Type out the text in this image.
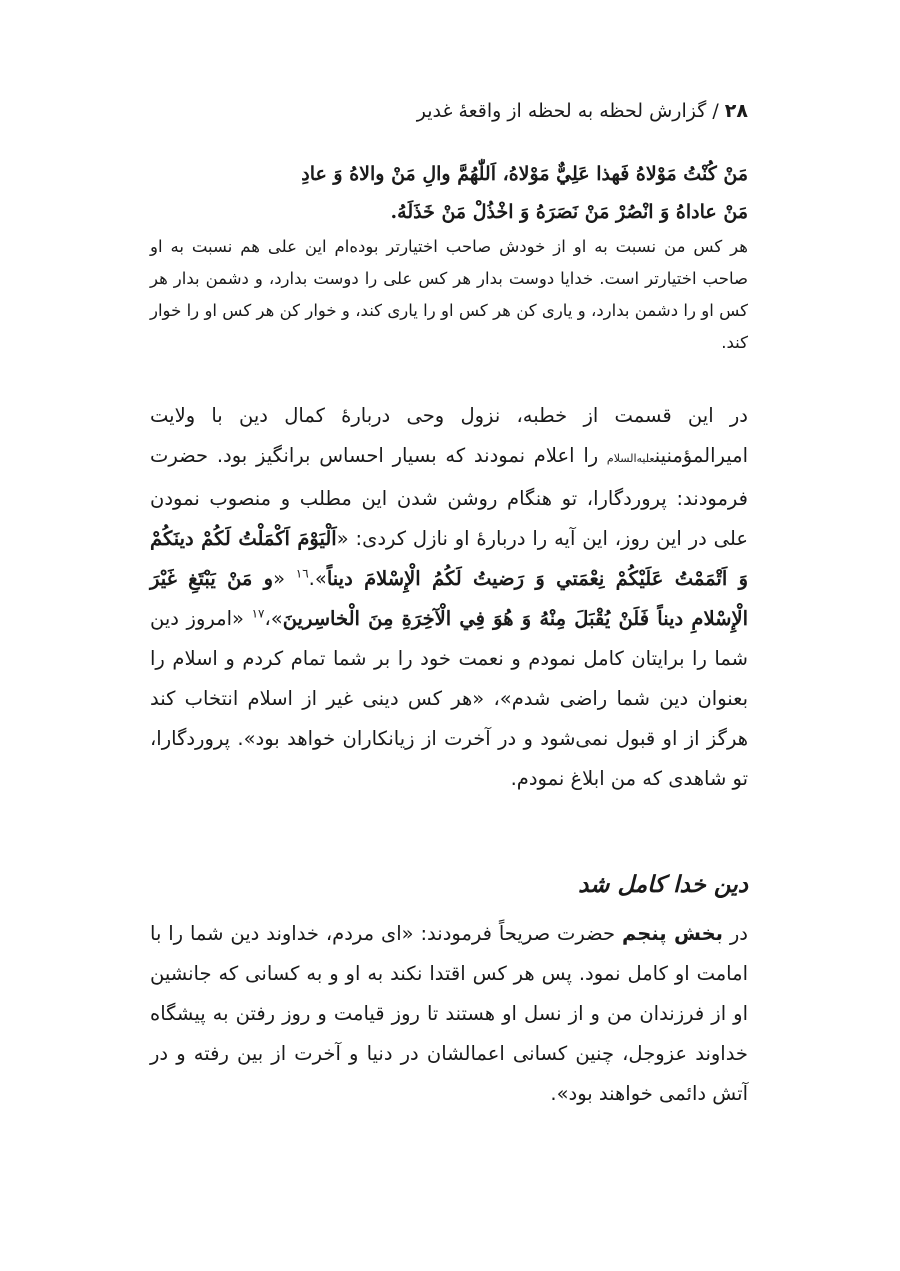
۲۸ / گزارش لحظه به لحظه از واقعهٔ غدیر

مَنْ كُنْتُ مَوْلاهُ فَهذا عَلِيٌّ مَوْلاهُ، اَللّٰهُمَّ والِ مَنْ والاهُ وَ عادِ

مَنْ عاداهُ وَ انْصُرْ مَنْ نَصَرَهُ وَ اخْذُلْ مَنْ خَذَلَهُ.

هر کس من نسبت به او از خودش صاحب اختیارتر بوده‌ام این علی هم نسبت به او صاحب اختیارتر است. خدایا دوست بدار هر کس علی را دوست بدارد، و دشمن بدار هر کس او را دشمن بدارد، و یاری کن هر کس او را یاری کند، و خوار کن هر کس او را خوار کند.
در این قسمت از خطبه، نزول وحی دربارهٔ کمال دین با ولایت امیرالمؤمنینعلیه‌السلام را اعلام نمودند که بسیار احساس برانگیز بود. حضرت فرمودند: پروردگارا، تو هنگام روشن شدن این مطلب و منصوب نمودن علی در این روز، این آیه را دربارهٔ او نازل کردی: «اَلْيَوْمَ اَكْمَلْتُ لَكُمْ دينَكُمْ وَ اَتْمَمْتُ عَلَيْكُمْ نِعْمَتي وَ رَضيتُ لَكُمُ الْإِسْلامَ ديناً».$^{١٦}$ «و مَنْ يَبْتَغِ غَيْرَ الْإِسْلامِ ديناً فَلَنْ يُقْبَلَ مِنْهُ وَ هُوَ فِي الْآخِرَةِ مِنَ الْخاسِرينَ»،$^{١٧}$ «امروز دین شما را برایتان کامل نمودم و نعمت خود را بر شما تمام کردم و اسلام را بعنوان دین شما راضی شدم»، «هر کس دینی غیر از اسلام انتخاب کند هرگز از او قبول نمی‌شود و در آخرت از زیانکاران خواهد بود». پروردگارا، تو شاهدی که من ابلاغ نمودم.
دین خدا کامل شد
در بخش پنجم حضرت صریحاً فرمودند: «ای مردم، خداوند دین شما را با امامت او کامل نمود. پس هر کس اقتدا نکند به او و به کسانی که جانشین او از فرزندان من و از نسل او هستند تا روز قیامت و روز رفتن به پیشگاه خداوند عزوجل، چنین کسانی اعمالشان در دنیا و آخرت از بین رفته و در آتش دائمی خواهند بود».
